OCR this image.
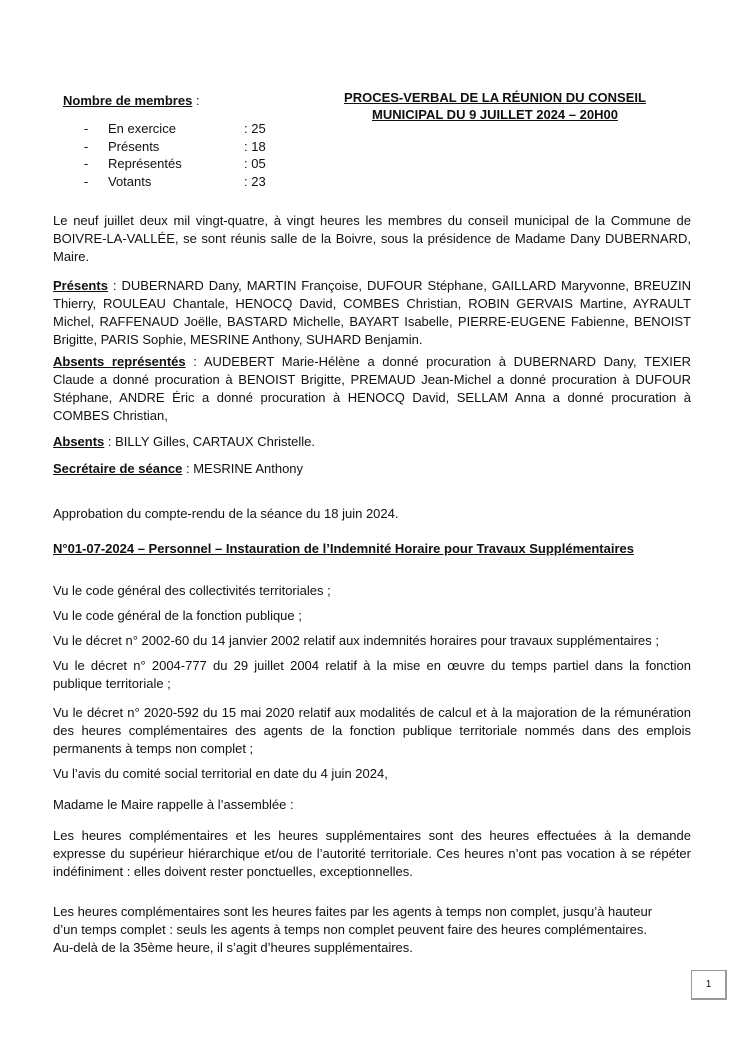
Nombre de membres :
-	En exercice	: 25
-	Présents	: 18
-	Représentés	: 05
-	Votants	: 23
PROCES-VERBAL DE LA RÉUNION DU CONSEIL
MUNICIPAL DU 9 JUILLET 2024 – 20H00
Le neuf juillet deux mil vingt-quatre, à vingt heures les membres du conseil municipal de la Commune de BOIVRE-LA-VALLÉE, se sont réunis salle de la Boivre, sous la présidence de Madame Dany DUBERNARD, Maire.
Présents : DUBERNARD Dany, MARTIN Françoise, DUFOUR Stéphane, GAILLARD Maryvonne, BREUZIN Thierry, ROULEAU Chantale, HENOCQ David, COMBES Christian, ROBIN GERVAIS Martine, AYRAULT Michel, RAFFENAUD Joëlle, BASTARD Michelle, BAYART Isabelle, PIERRE-EUGENE Fabienne, BENOIST Brigitte, PARIS Sophie, MESRINE Anthony, SUHARD Benjamin.
Absents représentés : AUDEBERT Marie-Hélène a donné procuration à DUBERNARD Dany, TEXIER Claude a donné procuration à BENOIST Brigitte, PREMAUD Jean-Michel a donné procuration à DUFOUR Stéphane, ANDRE Éric a donné procuration à HENOCQ David, SELLAM Anna a donné procuration à COMBES Christian,
Absents : BILLY Gilles, CARTAUX Christelle.
Secrétaire de séance : MESRINE Anthony
Approbation du compte-rendu de la séance du 18 juin 2024.
N°01-07-2024 – Personnel – Instauration de l’Indemnité Horaire pour Travaux Supplémentaires
Vu le code général des collectivités territoriales ;
Vu le code général de la fonction publique ;
Vu le décret n° 2002-60 du 14 janvier 2002 relatif aux indemnités horaires pour travaux supplémentaires ;
Vu le décret n° 2004-777 du 29 juillet 2004 relatif à la mise en œuvre du temps partiel dans la fonction publique territoriale ;
Vu le décret n° 2020-592 du 15 mai 2020 relatif aux modalités de calcul et à la majoration de la rémunération des heures complémentaires des agents de la fonction publique territoriale nommés dans des emplois permanents à temps non complet ;
Vu l’avis du comité social territorial en date du 4 juin 2024,
Madame le Maire rappelle à l’assemblée :
Les heures complémentaires et les heures supplémentaires sont des heures effectuées à la demande expresse du supérieur hiérarchique et/ou de l’autorité territoriale. Ces heures n’ont pas vocation à se répéter indéfiniment : elles doivent rester ponctuelles, exceptionnelles.
Les heures complémentaires sont les heures faites par les agents à temps non complet, jusqu’à hauteur
d’un temps complet : seuls les agents à temps non complet peuvent faire des heures complémentaires.
Au-delà de la 35ème heure, il s’agit d’heures supplémentaires.
1
